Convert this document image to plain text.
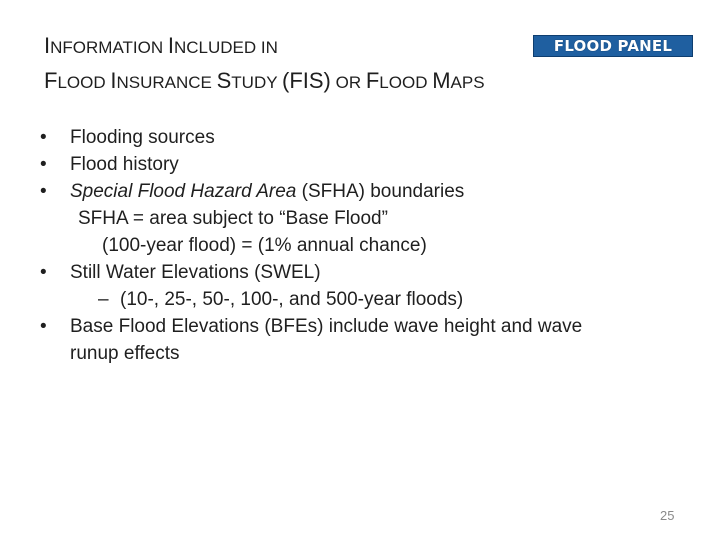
INFORMATION INCLUDED IN
FLOOD INSURANCE STUDY (FIS) OR FLOOD MAPS
FLOOD PANEL
• Flooding sources
• Flood history
• Special Flood Hazard Area (SFHA) boundaries
SFHA = area subject to “Base Flood”
(100-year flood) = (1% annual chance)
• Still Water Elevations (SWEL)
– (10-, 25-, 50-, 100-, and 500-year floods)
• Base Flood Elevations (BFEs) include wave height and wave
runup effects
25
